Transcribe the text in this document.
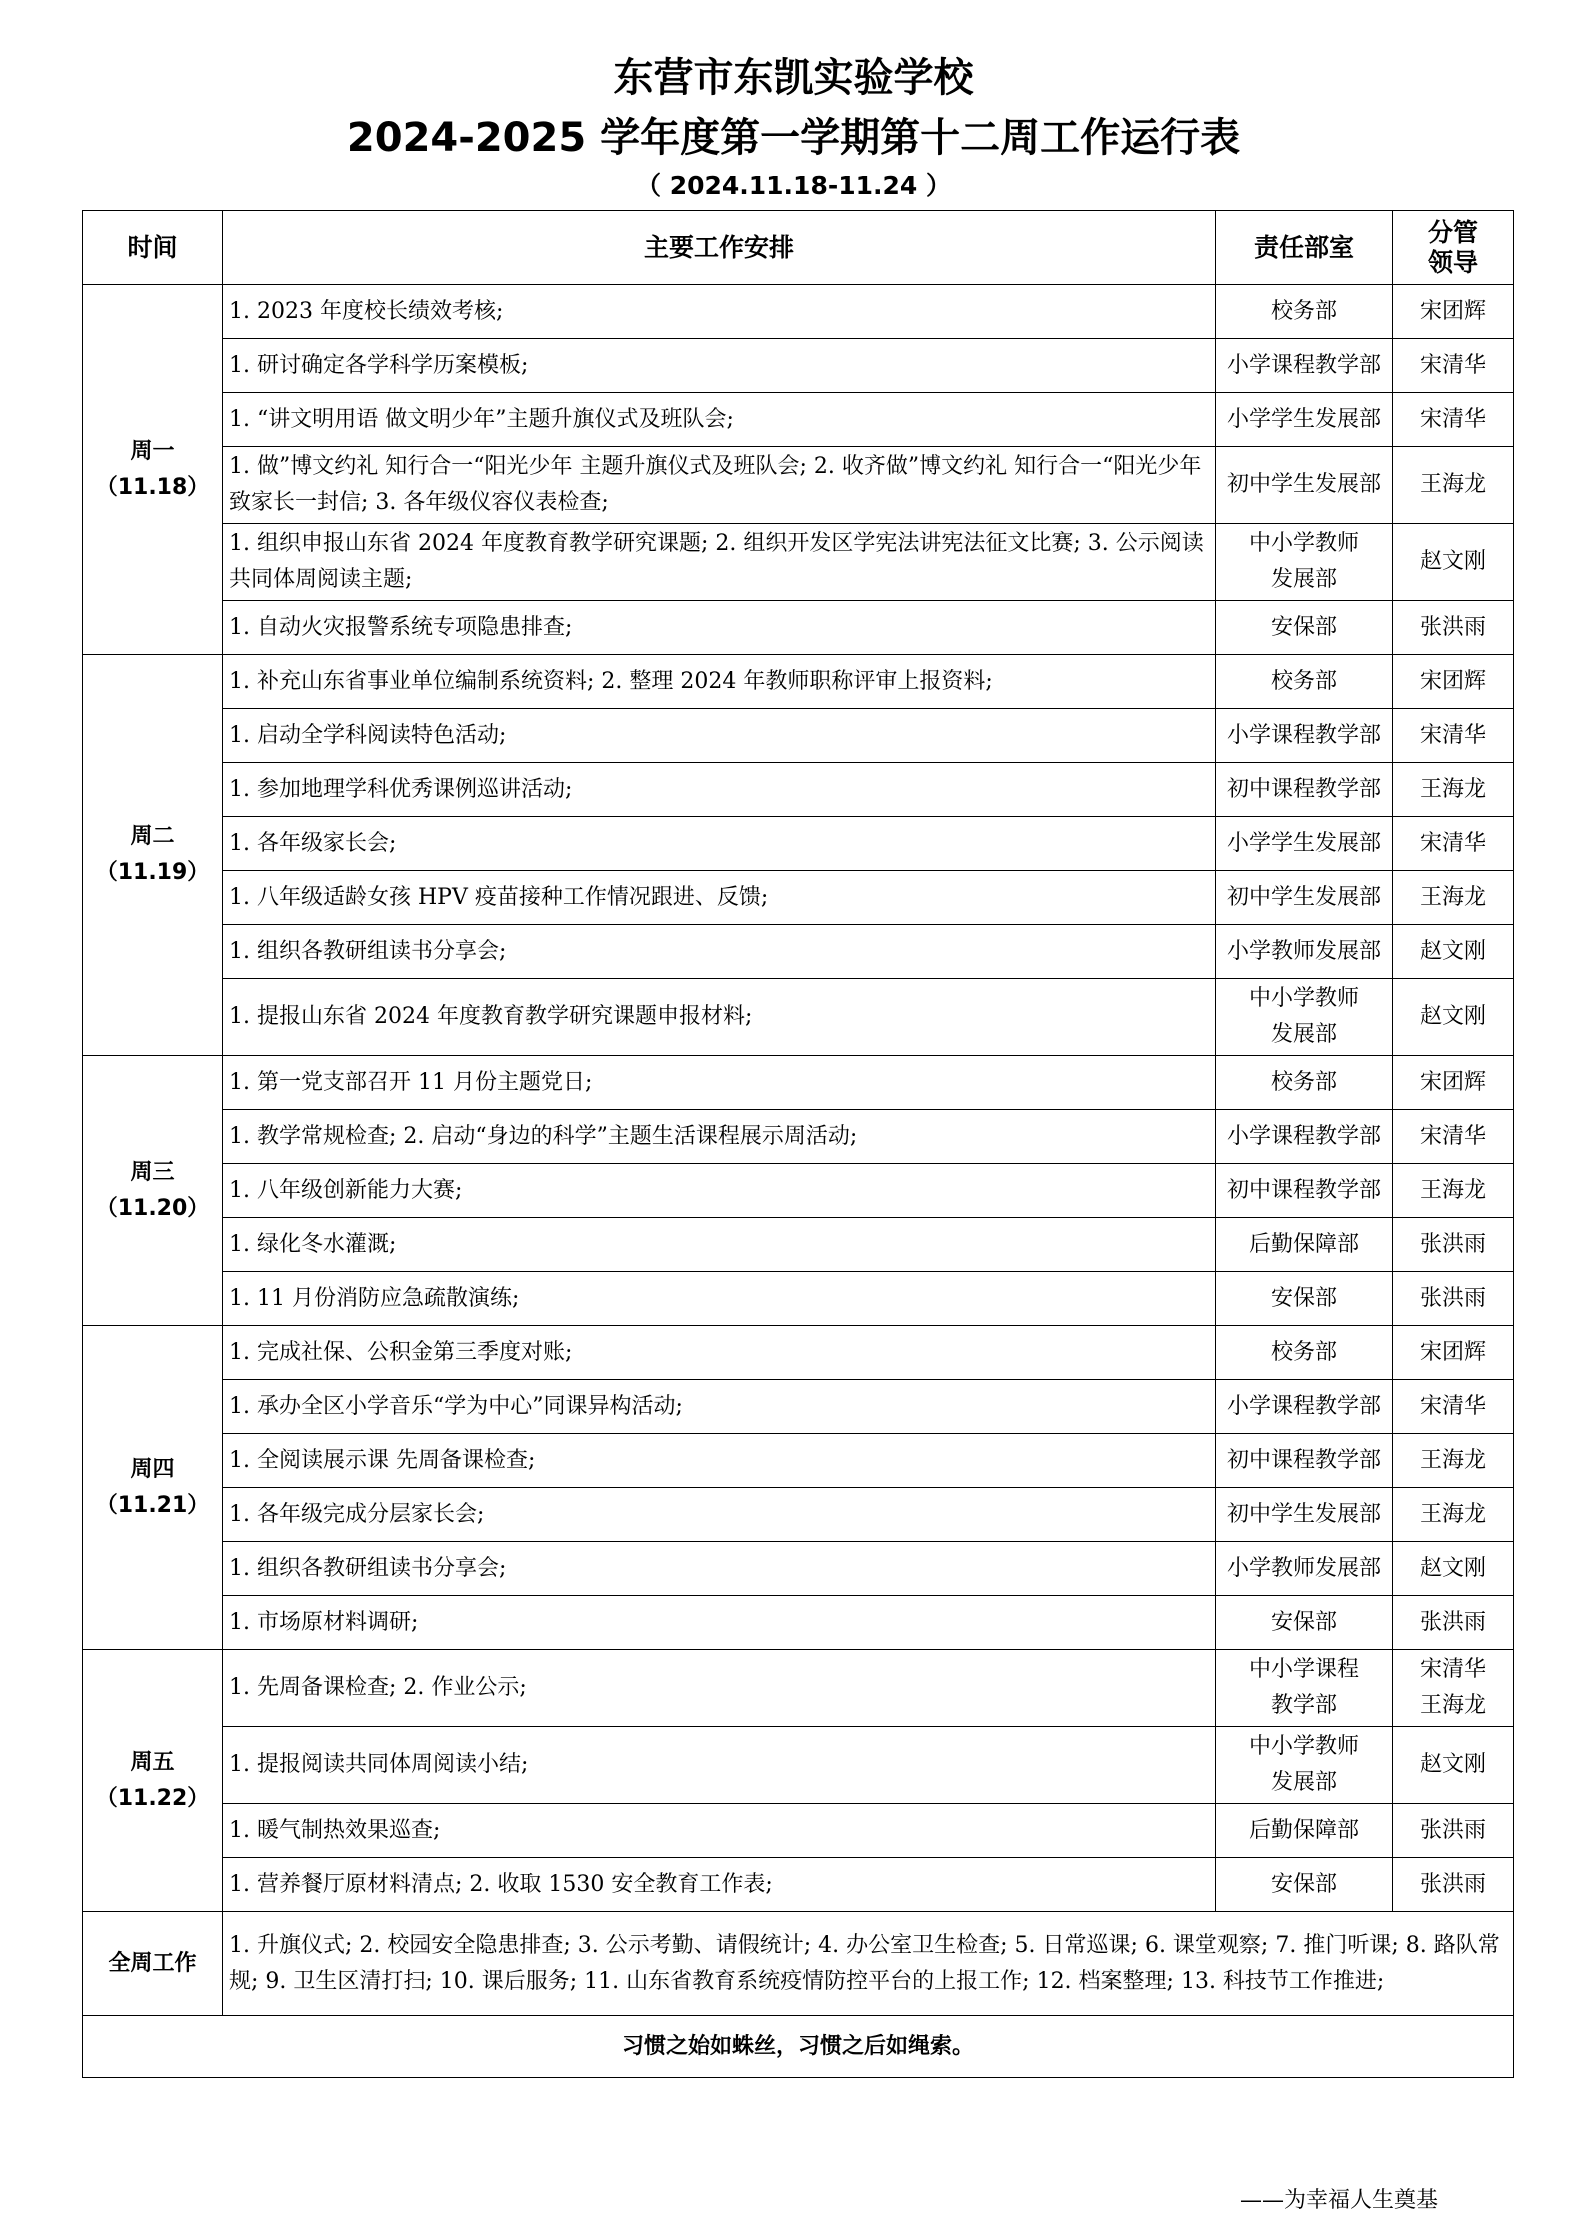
东营市东凯实验学校
2024-2025 学年度第一学期第十二周工作运行表
（ 2024.11.18-11.24 ）
时间	主要工作安排	责任部室	分管
领导

周一
（11.18）	1. 2023 年度校长绩效考核;	校务部	宋团辉

	1. 研讨确定各学科学历案模板;	小学课程教学部	宋清华

	1. “讲文明用语 做文明少年”主题升旗仪式及班队会;	小学学生发展部	宋清华

	1. 做”博文约礼 知行合一“阳光少年 主题升旗仪式及班队会; 2. 收齐做”博文约礼 知行合一“阳光少年 致家长一封信; 3. 各年级仪容仪表检查;	初中学生发展部	王海龙

	1. 组织申报山东省 2024 年度教育教学研究课题; 2. 组织开发区学宪法讲宪法征文比赛; 3. 公示阅读共同体周阅读主题;	中小学教师
发展部	赵文刚

	1. 自动火灾报警系统专项隐患排查;	安保部	张洪雨

周二
（11.19）	1. 补充山东省事业单位编制系统资料; 2. 整理 2024 年教师职称评审上报资料;	校务部	宋团辉

	1. 启动全学科阅读特色活动;	小学课程教学部	宋清华

	1. 参加地理学科优秀课例巡讲活动;	初中课程教学部	王海龙

	1. 各年级家长会;	小学学生发展部	宋清华

	1. 八年级适龄女孩 HPV 疫苗接种工作情况跟进、反馈;	初中学生发展部	王海龙

	1. 组织各教研组读书分享会;	小学教师发展部	赵文刚

	1. 提报山东省 2024 年度教育教学研究课题申报材料;	中小学教师
发展部	赵文刚

周三
（11.20）	1. 第一党支部召开 11 月份主题党日;	校务部	宋团辉

	1. 教学常规检查; 2. 启动“身边的科学”主题生活课程展示周活动;	小学课程教学部	宋清华

	1. 八年级创新能力大赛;	初中课程教学部	王海龙

	1. 绿化冬水灌溉;	后勤保障部	张洪雨

	1. 11 月份消防应急疏散演练;	安保部	张洪雨

周四
（11.21）	1. 完成社保、公积金第三季度对账;	校务部	宋团辉

	1. 承办全区小学音乐“学为中心”同课异构活动;	小学课程教学部	宋清华

	1. 全阅读展示课 先周备课检查;	初中课程教学部	王海龙

	1. 各年级完成分层家长会;	初中学生发展部	王海龙

	1. 组织各教研组读书分享会;	小学教师发展部	赵文刚

	1. 市场原材料调研;	安保部	张洪雨

周五
（11.22）	1. 先周备课检查; 2. 作业公示;	中小学课程
教学部	宋清华
王海龙

	1. 提报阅读共同体周阅读小结;	中小学教师
发展部	赵文刚

	1. 暖气制热效果巡查;	后勤保障部	张洪雨

	1. 营养餐厅原材料清点; 2. 收取 1530 安全教育工作表;	安保部	张洪雨

全周工作	1. 升旗仪式; 2. 校园安全隐患排查; 3. 公示考勤、请假统计; 4. 办公室卫生检查; 5. 日常巡课; 6. 课堂观察; 7. 推门听课; 8. 路队常规; 9. 卫生区清打扫; 10. 课后服务; 11. 山东省教育系统疫情防控平台的上报工作; 12. 档案整理; 13. 科技节工作推进;		
习惯之始如蛛丝，习惯之后如绳索。			
——为幸福人生奠基
